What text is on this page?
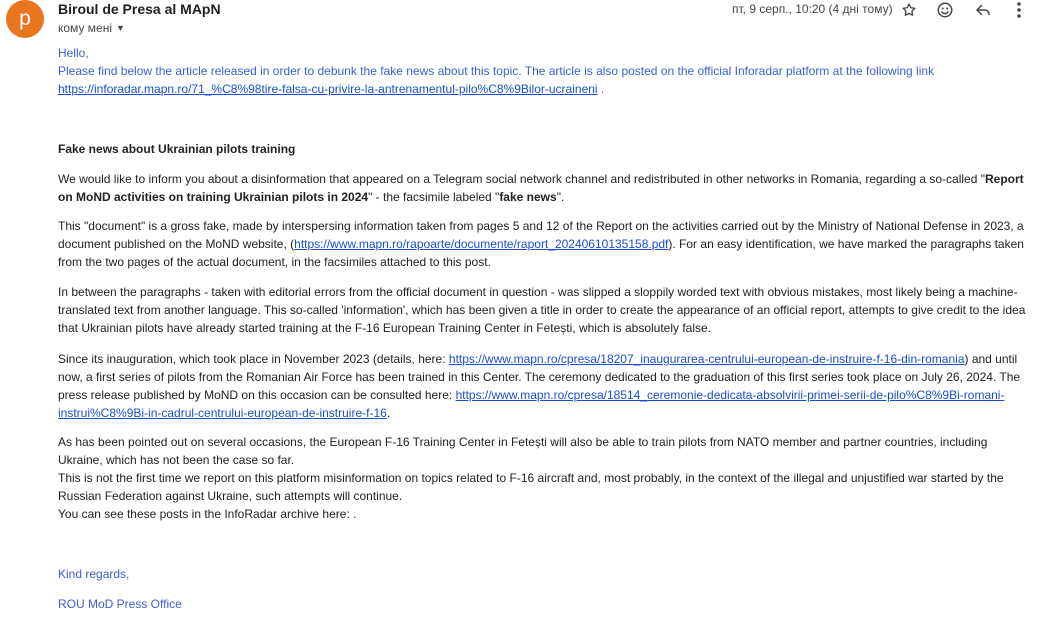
p	Biroul de Presa al MApN
кому мені ▼
пт, 9 серп., 10:20 (4 дні тому)
Hello,
Please find below the article released in order to debunk the fake news about this topic. The article is also posted on the official Inforadar platform at the following link
https://inforadar.mapn.ro/71_%C8%98tire-falsa-cu-privire-la-antrenamentul-pilo%C8%9Bilor-ucraineni .
Fake news about Ukrainian pilots training
We would like to inform you about a disinformation that appeared on a Telegram social network channel and redistributed in other networks in Romania, regarding a so-called "Report on MoND activities on training Ukrainian pilots in 2024" - the facsimile labeled "fake news".
This "document" is a gross fake, made by interspersing information taken from pages 5 and 12 of the Report on the activities carried out by the Ministry of National Defense in 2023, a document published on the MoND website, (https://www.mapn.ro/rapoarte/documente/raport_20240610135158.pdf). For an easy identification, we have marked the paragraphs taken from the two pages of the actual document, in the facsimiles attached to this post.
In between the paragraphs - taken with editorial errors from the official document in question - was slipped a sloppily worded text with obvious mistakes, most likely being a machine-translated text from another language. This so-called 'information', which has been given a title in order to create the appearance of an official report, attempts to give credit to the idea that Ukrainian pilots have already started training at the F-16 European Training Center in Fetești, which is absolutely false.
Since its inauguration, which took place in November 2023 (details, here: https://www.mapn.ro/cpresa/18207_inaugurarea-centrului-european-de-instruire-f-16-din-romania) and until now, a first series of pilots from the Romanian Air Force has been trained in this Center. The ceremony dedicated to the graduation of this first series took place on July 26, 2024. The press release published by MoND on this occasion can be consulted here: https://www.mapn.ro/cpresa/18514_ceremonie-dedicata-absolvirii-primei-serii-de-pilo%C8%9Bi-romani-instrui%C8%9Bi-in-cadrul-centrului-european-de-instruire-f-16.

As has been pointed out on several occasions, the European F-16 Training Center in Fetești will also be able to train pilots from NATO member and partner countries, including Ukraine, which has not been the case so far.

This is not the first time we report on this platform misinformation on topics related to F-16 aircraft and, most probably, in the context of the illegal and unjustified war started by the Russian Federation against Ukraine, such attempts will continue.

You can see these posts in the InfoRadar archive here: .

Kind regards,
ROU MoD Press Office
